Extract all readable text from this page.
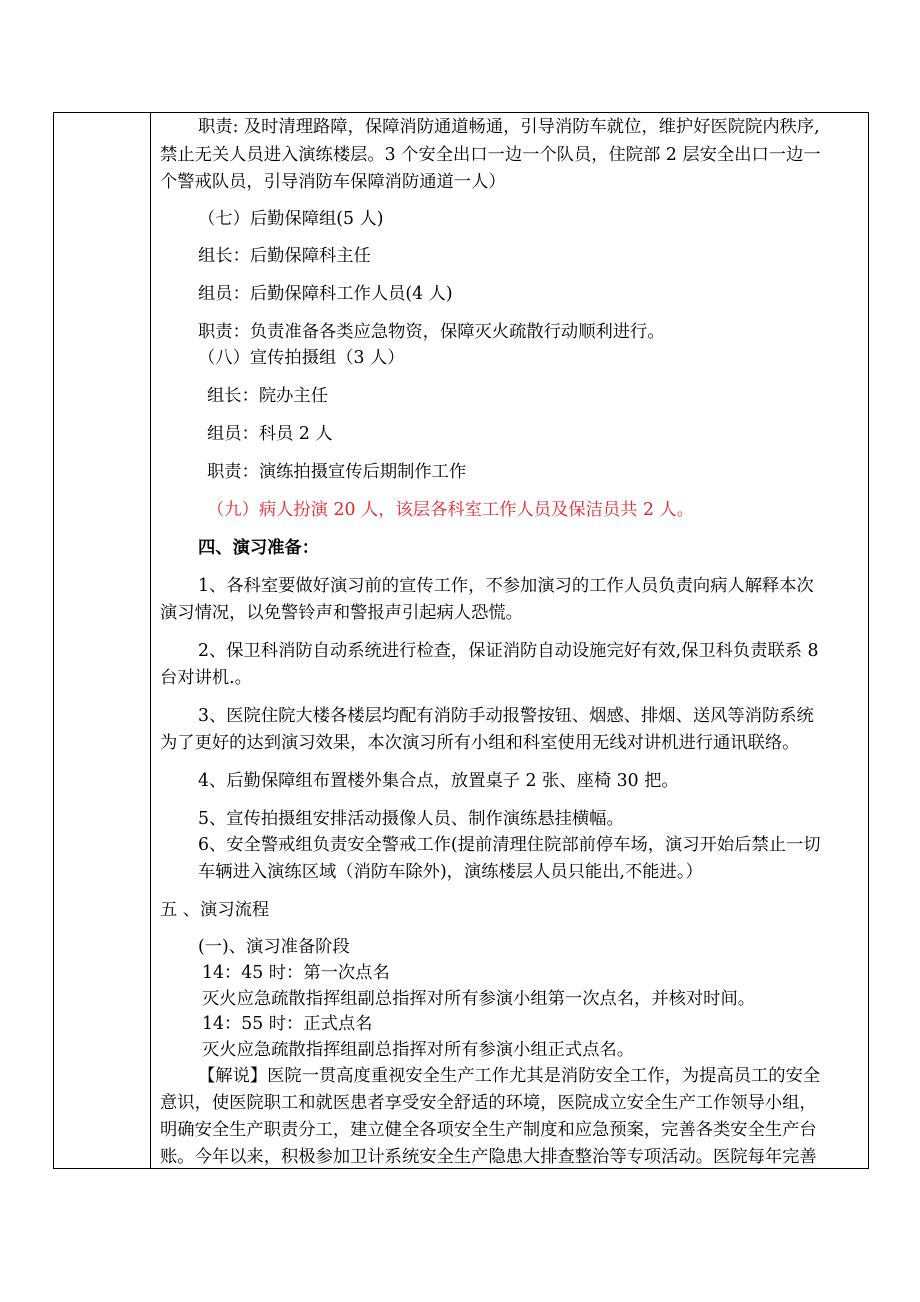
职责: 及时清理路障，保障消防通道畅通，引导消防车就位，维护好医院院内秩序,
禁止无关人员进入演练楼层。3 个安全出口一边一个队员，住院部 2 层安全出口一边一
个警戒队员，引导消防车保障消防通道一人）
（七）后勤保障组(5 人)
组长：后勤保障科主任
组员：后勤保障科工作人员(4 人)
职责：负责准备各类应急物资，保障灭火疏散行动顺利进行。
（八）宣传拍摄组（3 人）
组长：院办主任
组员：科员 2 人
职责：演练拍摄宣传后期制作工作
（九）病人扮演 20 人，该层各科室工作人员及保洁员共 2 人。
四、演习准备：
1、各科室要做好演习前的宣传工作，不参加演习的工作人员负责向病人解释本次
演习情况，以免警铃声和警报声引起病人恐慌。
2、保卫科消防自动系统进行检查，保证消防自动设施完好有效,保卫科负责联系 8
台对讲机.。
3、医院住院大楼各楼层均配有消防手动报警按钮、烟感、排烟、送风等消防系统
为了更好的达到演习效果，本次演习所有小组和科室使用无线对讲机进行通讯联络。
4、后勤保障组布置楼外集合点，放置桌子 2 张、座椅 30 把。
5、宣传拍摄组安排活动摄像人员、制作演练悬挂横幅。
6、安全警戒组负责安全警戒工作(提前清理住院部前停车场，演习开始后禁止一切
车辆进入演练区域（消防车除外)，演练楼层人员只能出,不能进。）
五 、演习流程
(一)、演习准备阶段
14：45 时：第一次点名
灭火应急疏散指挥组副总指挥对所有参演小组第一次点名，并核对时间。
14：55 时：正式点名
灭火应急疏散指挥组副总指挥对所有参演小组正式点名。
【解说】医院一贯高度重视安全生产工作尤其是消防安全工作，为提高员工的安全
意识，使医院职工和就医患者享受安全舒适的环境，医院成立安全生产工作领导小组，
明确安全生产职责分工，建立健全各项安全生产制度和应急预案，完善各类安全生产台
账。今年以来，积极参加卫计系统安全生产隐患大排查整治等专项活动。医院每年完善
